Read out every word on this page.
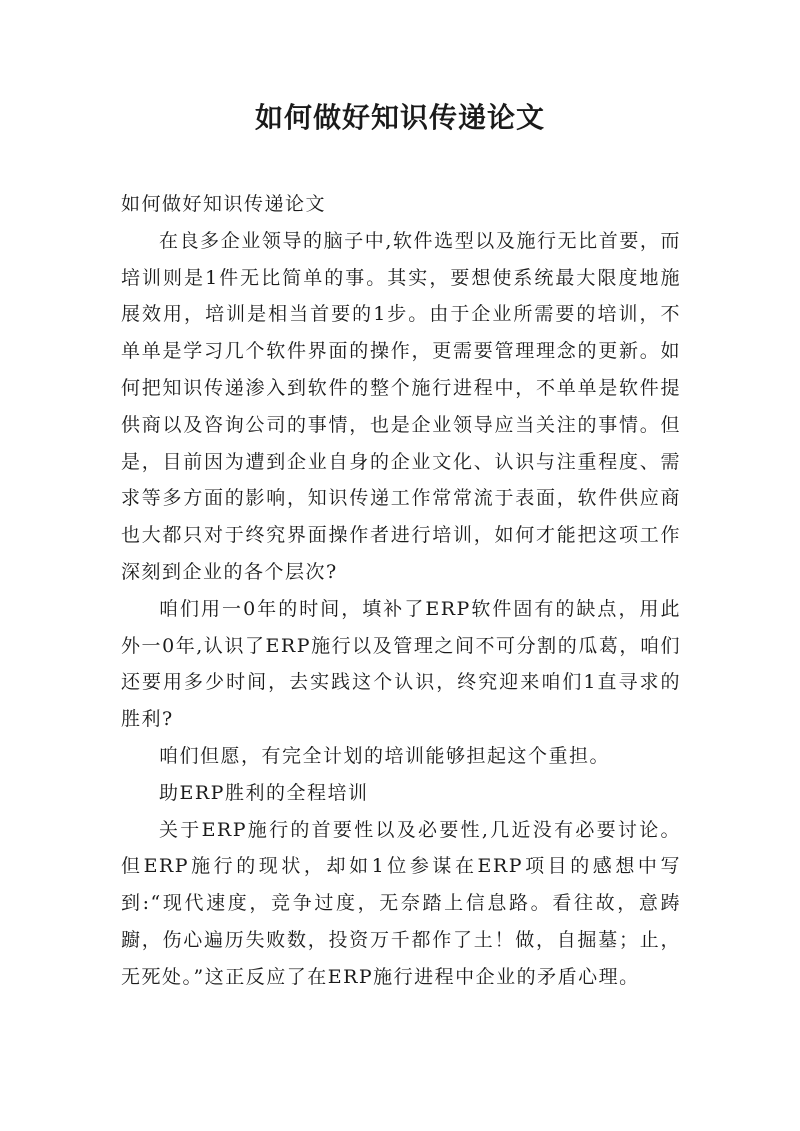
如何做好知识传递论文

如何做好知识传递论文

在良多企业领导的脑子中,软件选型以及施行无比首要，而培训则是1件无比简单的事。其实，要想使系统最大限度地施展效用，培训是相当首要的1步。由于企业所需要的培训，不单单是学习几个软件界面的操作，更需要管理理念的更新。如何把知识传递渗入到软件的整个施行进程中，不单单是软件提供商以及咨询公司的事情，也是企业领导应当关注的事情。但是，目前因为遭到企业自身的企业文化、认识与注重程度、需求等多方面的影响，知识传递工作常常流于表面，软件供应商也大都只对于终究界面操作者进行培训，如何才能把这项工作深刻到企业的各个层次?

咱们用一0年的时间，填补了ERP软件固有的缺点，用此外一0年,认识了ERP施行以及管理之间不可分割的瓜葛，咱们还要用多少时间，去实践这个认识，终究迎来咱们1直寻求的胜利?

咱们但愿，有完全计划的培训能够担起这个重担。

助ERP胜利的全程培训

关于ERP施行的首要性以及必要性,几近没有必要讨论。但ERP施行的现状，却如1位参谋在ERP项目的感想中写到:“现代速度，竞争过度，无奈踏上信息路。看往故，意踌躕，伤心遍历失败数，投资万千都作了土！做，自掘墓；止，无死处。”这正反应了在ERP施行进程中企业的矛盾心理。
